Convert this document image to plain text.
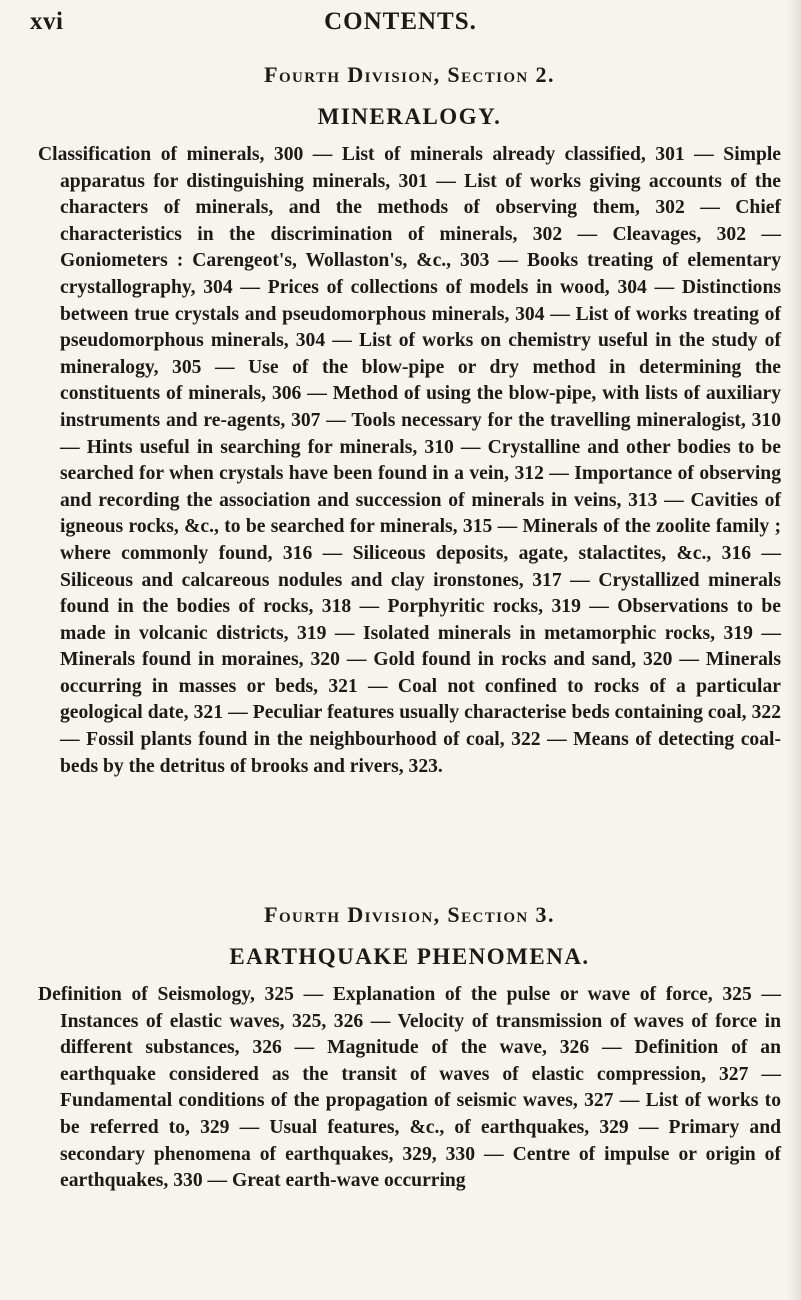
xvi	CONTENTS.
Fourth Division, Section 2.
MINERALOGY.

Classification of minerals, 300 — List of minerals already classified, 301 — Simple apparatus for distinguishing minerals, 301 — List of works giving accounts of the characters of minerals, and the methods of observing them, 302 — Chief characteristics in the discrimination of minerals, 302 — Cleavages, 302 — Goniometers : Carengeot's, Wollaston's, &c., 303 — Books treating of elementary crystallography, 304 — Prices of collections of models in wood, 304 — Distinctions between true crystals and pseudomorphous minerals, 304 — List of works treating of pseudomorphous minerals, 304 — List of works on chemistry useful in the study of mineralogy, 305 — Use of the blow-pipe or dry method in determining the constituents of minerals, 306 — Method of using the blow-pipe, with lists of auxiliary instruments and re-agents, 307 — Tools necessary for the travelling mineralogist, 310 — Hints useful in searching for minerals, 310 — Crystalline and other bodies to be searched for when crystals have been found in a vein, 312 — Importance of observing and recording the association and succession of minerals in veins, 313 — Cavities of igneous rocks, &c., to be searched for minerals, 315 — Minerals of the zoolite family ; where commonly found, 316 — Siliceous deposits, agate, stalactites, &c., 316 — Siliceous and calcareous nodules and clay ironstones, 317 — Crystallized minerals found in the bodies of rocks, 318 — Porphyritic rocks, 319 — Observations to be made in volcanic districts, 319 — Isolated minerals in metamorphic rocks, 319 — Minerals found in moraines, 320 — Gold found in rocks and sand, 320 — Minerals occurring in masses or beds, 321 — Coal not confined to rocks of a particular geological date, 321 — Peculiar features usually characterise beds containing coal, 322 — Fossil plants found in the neighbourhood of coal, 322 — Means of detecting coal-beds by the detritus of brooks and rivers, 323.

Fourth Division, Section 3.
EARTHQUAKE PHENOMENA.

Definition of Seismology, 325 — Explanation of the pulse or wave of force, 325 — Instances of elastic waves, 325, 326 — Velocity of transmission of waves of force in different substances, 326 — Magnitude of the wave, 326 — Definition of an earthquake considered as the transit of waves of elastic compression, 327 — Fundamental conditions of the propagation of seismic waves, 327 — List of works to be referred to, 329 — Usual features, &c., of earthquakes, 329 — Primary and secondary phenomena of earthquakes, 329, 330 — Centre of impulse or origin of earthquakes, 330 — Great earth-wave occurring
